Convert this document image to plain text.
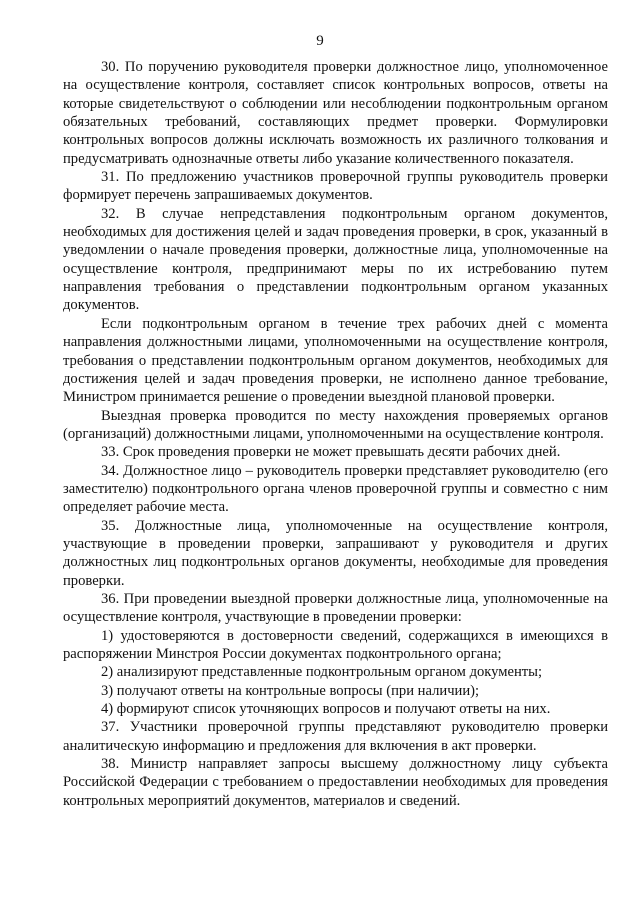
9

30. По поручению руководителя проверки должностное лицо, уполномоченное на осуществление контроля, составляет список контрольных вопросов, ответы на которые свидетельствуют о соблюдении или несоблюдении подконтрольным органом обязательных требований, составляющих предмет проверки. Формулировки контрольных вопросов должны исключать возможность их различного толкования и предусматривать однозначные ответы либо указание количественного показателя.

31. По предложению участников проверочной группы руководитель проверки формирует перечень запрашиваемых документов.

32. В случае непредставления подконтрольным органом документов, необходимых для достижения целей и задач проведения проверки, в срок, указанный в уведомлении о начале проведения проверки, должностные лица, уполномоченные на осуществление контроля, предпринимают меры по их истребованию путем направления требования о представлении подконтрольным органом указанных документов.

Если подконтрольным органом в течение трех рабочих дней с момента направления должностными лицами, уполномоченными на осуществление контроля, требования о представлении подконтрольным органом документов, необходимых для достижения целей и задач проведения проверки, не исполнено данное требование, Министром принимается решение о проведении выездной плановой проверки.

Выездная проверка проводится по месту нахождения проверяемых органов (организаций) должностными лицами, уполномоченными на осуществление контроля.

33. Срок проведения проверки не может превышать десяти рабочих дней.

34. Должностное лицо – руководитель проверки представляет руководителю (его заместителю) подконтрольного органа членов проверочной группы и совместно с ним определяет рабочие места.

35. Должностные лица, уполномоченные на осуществление контроля, участвующие в проведении проверки, запрашивают у руководителя и других должностных лиц подконтрольных органов документы, необходимые для проведения проверки.

36. При проведении выездной проверки должностные лица, уполномоченные на осуществление контроля, участвующие в проведении проверки:

1) удостоверяются в достоверности сведений, содержащихся в имеющихся в распоряжении Минстроя России документах подконтрольного органа;

2) анализируют представленные подконтрольным органом документы;

3) получают ответы на контрольные вопросы (при наличии);

4) формируют список уточняющих вопросов и получают ответы на них.

37. Участники проверочной группы представляют руководителю проверки аналитическую информацию и предложения для включения в акт проверки.

38. Министр направляет запросы высшему должностному лицу субъекта Российской Федерации с требованием о предоставлении необходимых для проведения контрольных мероприятий документов, материалов и сведений.
